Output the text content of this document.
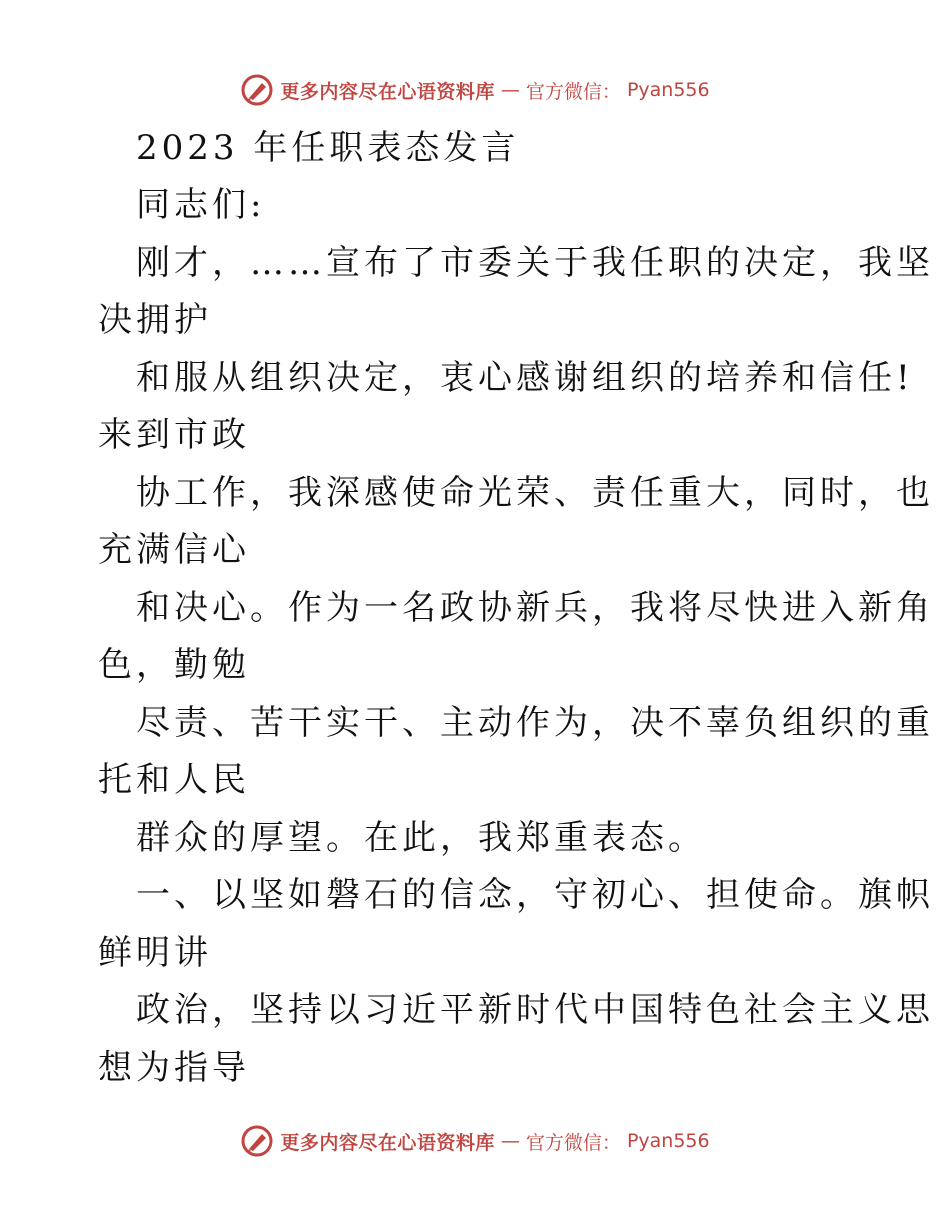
更多内容尽在心语资料库 — 官方微信： Pyan556
2023 年任职表态发言
同志们:
刚才，……宣布了市委关于我任职的决定，我坚
决拥护
和服从组织决定，衷心感谢组织的培养和信任!
来到市政
协工作，我深感使命光荣、责任重大，同时，也
充满信心
和决心。作为一名政协新兵，我将尽快进入新角
色，勤勉
尽责、苦干实干、主动作为，决不辜负组织的重
托和人民
群众的厚望。在此，我郑重表态。
一、以坚如磐石的信念，守初心、担使命。旗帜
鲜明讲
政治，坚持以习近平新时代中国特色社会主义思
想为指导
更多内容尽在心语资料库 — 官方微信： Pyan556
